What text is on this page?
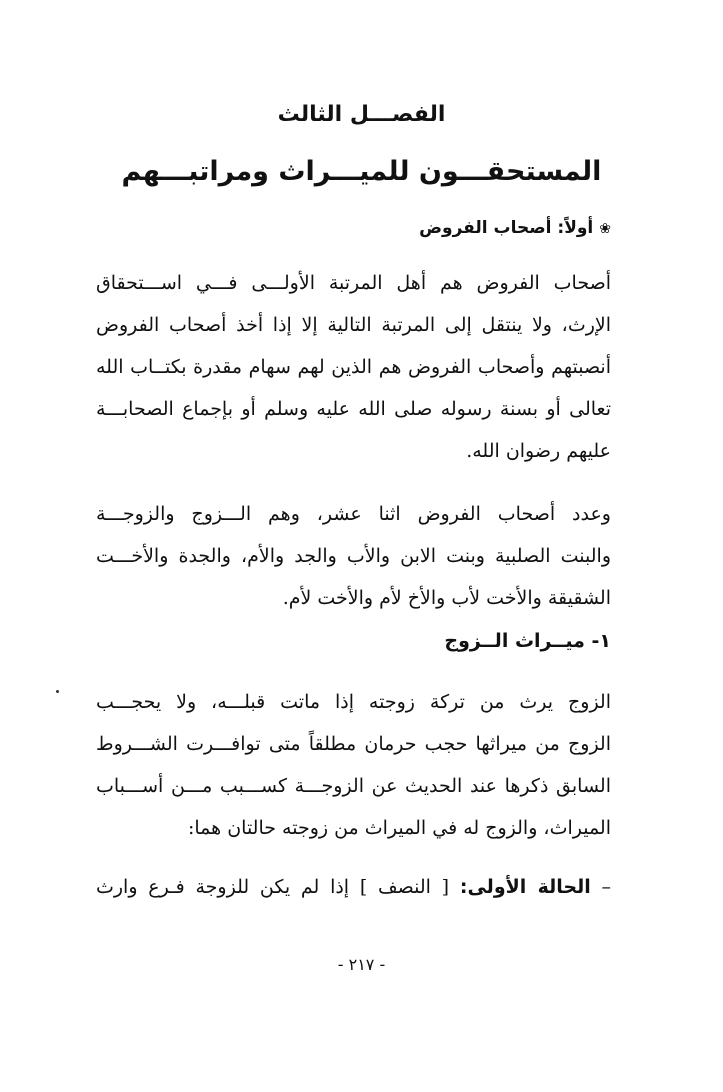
الفصـــل الثالث
المستحقـــون للميـــراث ومراتبـــهم
❀أولاً: أصحاب الفروض
أصحاب الفروض هم أهل المرتبة الأولـــى فـــي اســـتحقاق
الإرث، ولا ينتقل إلى المرتبة التالية إلا إذا أخذ أصحاب الفروض
أنصبتهم وأصحاب الفروض هم الذين لهم سهام مقدرة بكتــاب الله
تعالى أو بسنة رسوله صلى الله عليه وسلم أو بإجماع الصحابـــة
عليهم رضوان الله.
وعدد أصحاب الفروض اثنا عشر، وهم الـــزوج والزوجـــة
والبنت الصلبية وبنت الابن والأب والجد والأم، والجدة والأخـــت
الشقيقة والأخت لأب والأخ لأم والأخت لأم.
١- ميــراث الــزوج
الزوج يرث من تركة زوجته إذا ماتت قبلـــه، ولا يحجـــب
الزوج من ميراثها حجب حرمان مطلقاً متى توافـــرت الشـــروط
السابق ذكرها عند الحديث عن الزوجـــة كســـبب مـــن أســـباب
الميراث، والزوج له في الميراث من زوجته حالتان هما:
– الحالة الأولى: [ النصف ] إذا لم يكن للزوجة فـرع وارث
- ٢١٧ -
